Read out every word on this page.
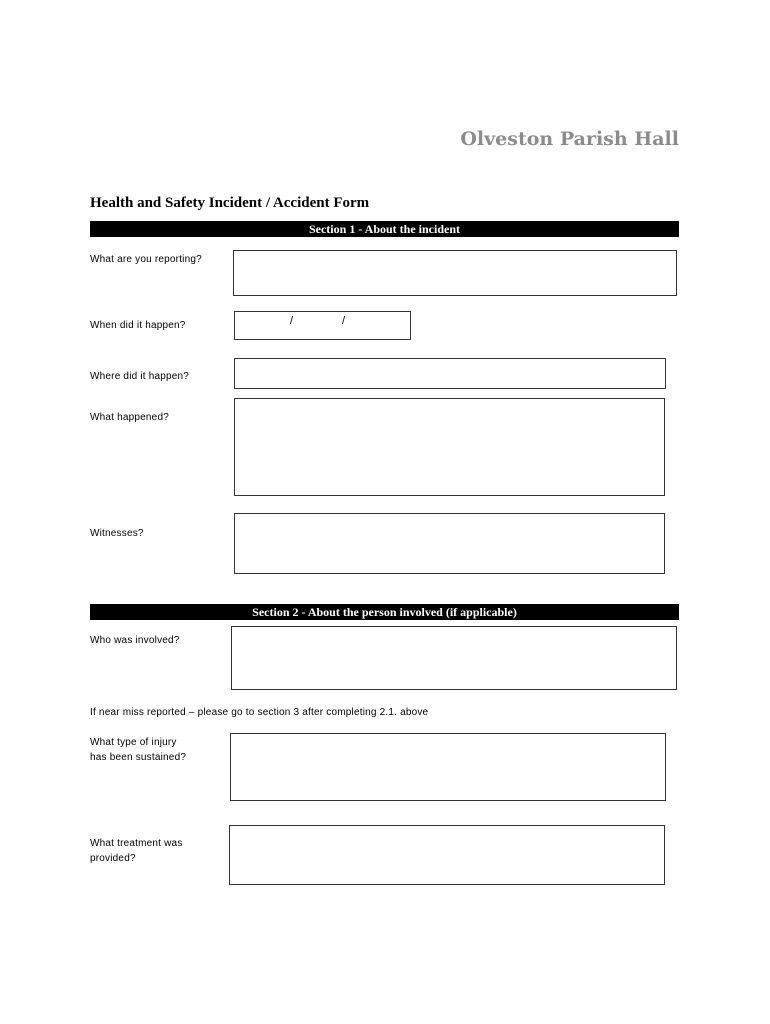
Olveston Parish Hall
Health and Safety Incident / Accident Form
Section 1 - About the incident
What are you reporting?
When did it happen?	/	/
Where did it happen?
What happened?
Witnesses?
Section 2 - About the person involved (if applicable)
Who was involved?
If near miss reported – please go to section 3 after completing 2.1. above
What type of injury
has been sustained?
What treatment was
provided?
